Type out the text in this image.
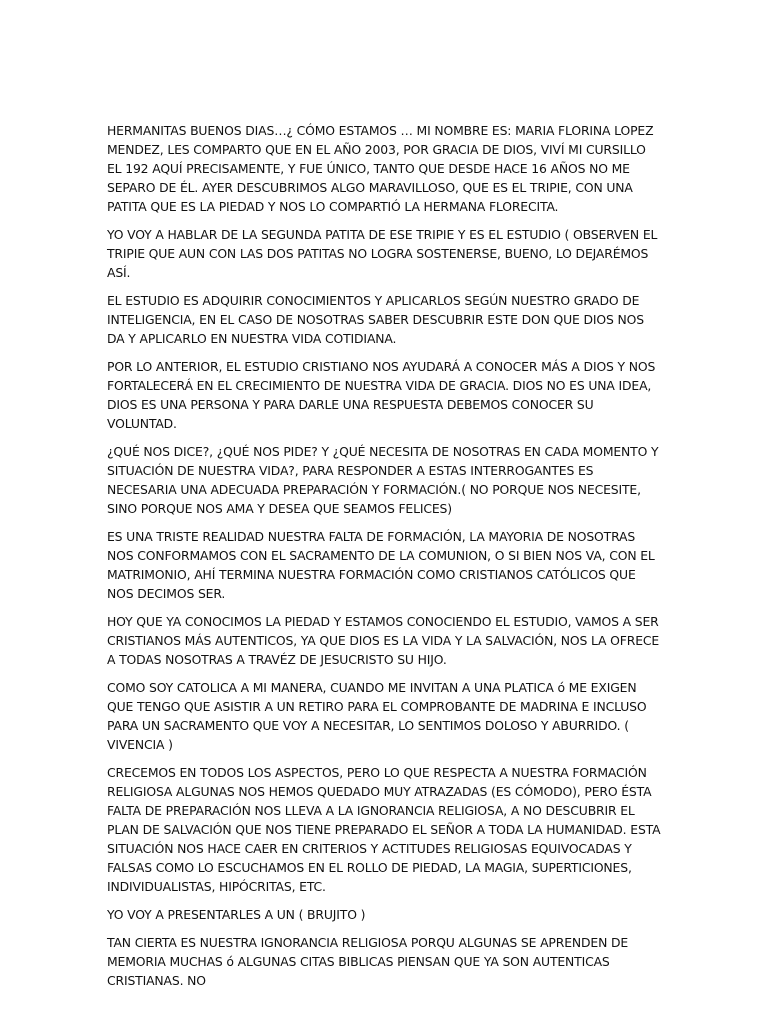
HERMANITAS BUENOS DIAS…¿ CÓMO ESTAMOS … MI NOMBRE ES: MARIA FLORINA LOPEZ MENDEZ, LES COMPARTO QUE EN EL AÑO 2003, POR GRACIA DE DIOS, VIVÍ MI CURSILLO EL 192 AQUÍ PRECISAMENTE, Y FUE ÚNICO, TANTO QUE DESDE HACE 16 AÑOS NO ME SEPARO DE ÉL. AYER DESCUBRIMOS ALGO MARAVILLOSO, QUE ES EL TRIPIE, CON UNA PATITA QUE ES LA PIEDAD Y NOS LO COMPARTIÓ LA HERMANA FLORECITA.

YO VOY A HABLAR DE LA SEGUNDA PATITA DE ESE TRIPIE Y ES EL ESTUDIO ( OBSERVEN EL TRIPIE QUE AUN CON LAS DOS PATITAS NO LOGRA SOSTENERSE, BUENO, LO DEJARÉMOS ASÍ.

EL ESTUDIO ES ADQUIRIR CONOCIMIENTOS Y APLICARLOS SEGÚN NUESTRO GRADO DE INTELIGENCIA, EN EL CASO DE NOSOTRAS SABER DESCUBRIR ESTE DON QUE DIOS NOS DA Y APLICARLO EN NUESTRA VIDA COTIDIANA.

POR LO ANTERIOR, EL ESTUDIO CRISTIANO NOS AYUDARÁ A CONOCER MÁS A DIOS Y NOS FORTALECERÁ EN EL CRECIMIENTO DE NUESTRA VIDA DE GRACIA. DIOS NO ES UNA IDEA, DIOS ES UNA PERSONA Y PARA DARLE UNA RESPUESTA DEBEMOS CONOCER SU VOLUNTAD.

¿QUÉ NOS DICE?, ¿QUÉ NOS PIDE? Y ¿QUÉ NECESITA DE NOSOTRAS EN CADA MOMENTO Y SITUACIÓN DE NUESTRA VIDA?, PARA RESPONDER A ESTAS INTERROGANTES ES NECESARIA UNA ADECUADA PREPARACIÓN Y FORMACIÓN.( NO PORQUE NOS NECESITE, SINO PORQUE NOS AMA Y DESEA QUE SEAMOS FELICES)

ES UNA TRISTE REALIDAD NUESTRA FALTA DE FORMACIÓN, LA MAYORIA DE NOSOTRAS NOS CONFORMAMOS CON EL SACRAMENTO DE LA COMUNION, O SI BIEN NOS VA, CON EL MATRIMONIO, AHÍ TERMINA NUESTRA FORMACIÓN COMO CRISTIANOS CATÓLICOS QUE NOS DECIMOS SER.

HOY QUE YA CONOCIMOS LA PIEDAD Y ESTAMOS CONOCIENDO EL ESTUDIO, VAMOS A SER CRISTIANOS MÁS AUTENTICOS, YA QUE DIOS ES LA VIDA Y LA SALVACIÓN, NOS LA OFRECE A TODAS NOSOTRAS A TRAVÉZ DE JESUCRISTO SU HIJO.

COMO SOY CATOLICA A MI MANERA, CUANDO ME INVITAN A UNA PLATICA ó ME EXIGEN QUE TENGO QUE ASISTIR A UN RETIRO PARA EL COMPROBANTE DE MADRINA E INCLUSO PARA UN SACRAMENTO QUE VOY A NECESITAR, LO SENTIMOS DOLOSO Y ABURRIDO. ( VIVENCIA )

CRECEMOS EN TODOS LOS ASPECTOS, PERO LO QUE RESPECTA A NUESTRA FORMACIÓN RELIGIOSA ALGUNAS NOS HEMOS QUEDADO MUY ATRAZADAS (ES CÓMODO), PERO ÉSTA FALTA DE PREPARACIÓN NOS LLEVA A LA IGNORANCIA RELIGIOSA, A NO DESCUBRIR EL PLAN DE SALVACIÓN QUE NOS TIENE PREPARADO EL SEÑOR A TODA LA HUMANIDAD. ESTA SITUACIÓN NOS HACE CAER EN CRITERIOS Y ACTITUDES RELIGIOSAS EQUIVOCADAS Y FALSAS COMO LO ESCUCHAMOS EN EL ROLLO DE PIEDAD, LA MAGIA, SUPERTICIONES, INDIVIDUALISTAS, HIPÓCRITAS, ETC.

YO VOY A PRESENTARLES A UN ( BRUJITO )

TAN CIERTA ES NUESTRA IGNORANCIA RELIGIOSA PORQU ALGUNAS SE APRENDEN DE MEMORIA MUCHAS ó ALGUNAS CITAS BIBLICAS PIENSAN QUE YA SON AUTENTICAS CRISTIANAS. NO
